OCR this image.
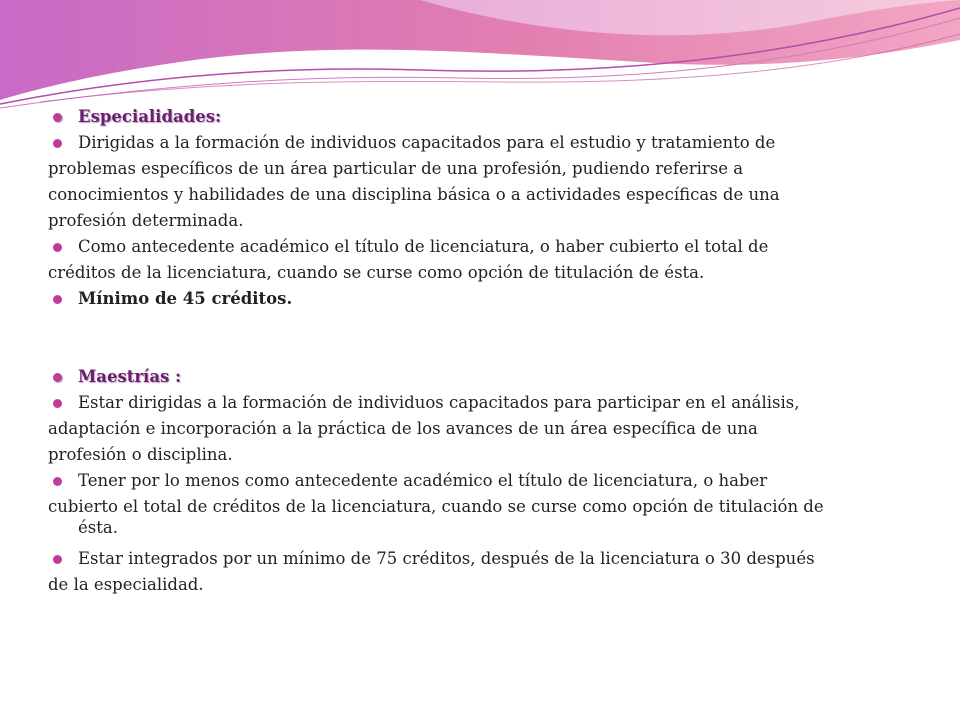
Especialidades:

Dirigidas a la formación de individuos capacitados para el estudio y tratamiento de

problemas específicos de un área particular de una profesión, pudiendo referirse a

conocimientos y habilidades de una disciplina básica o a actividades específicas de una

profesión determinada.

Como antecedente académico el título de licenciatura, o haber cubierto el total de

créditos de la licenciatura, cuando se curse como opción de titulación de ésta.

Mínimo de 45 créditos.

Maestrías :

Estar dirigidas a la formación de individuos capacitados para participar en el análisis,

adaptación e incorporación a la práctica de los avances de un área específica de una

profesión o disciplina.

Tener por lo menos como antecedente académico el título de licenciatura, o haber

cubierto el total de créditos de la licenciatura, cuando se curse como opción de titulación de

ésta.

Estar integrados por un mínimo de 75 créditos, después de la licenciatura o 30 después

de la especialidad.
